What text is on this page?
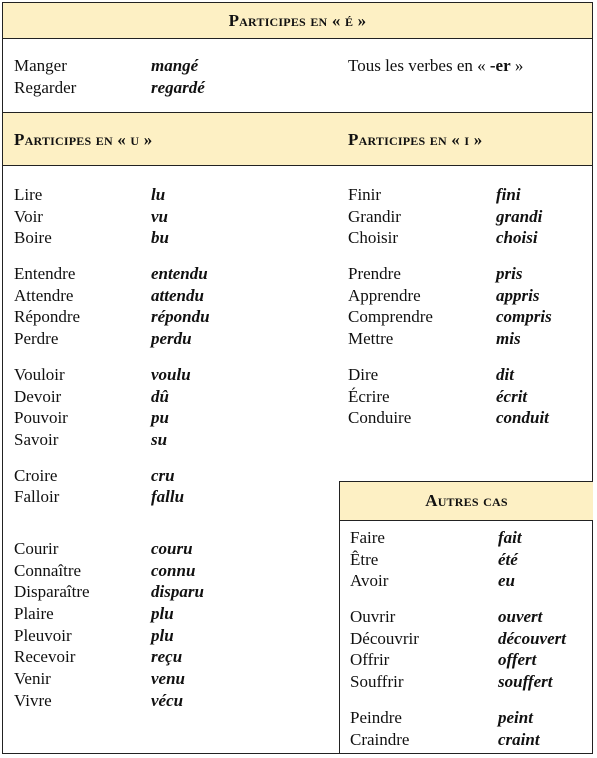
Participes en « é »
Manger	mangé
Regarder	regardé
Tous les verbes en « -er »
Participes en « u »	Participes en « i »
Lire	lu
Voir	vu
Boire	bu
Entendre	entendu
Attendre	attendu
Répondre	répondu
Perdre	perdu
Vouloir	voulu
Devoir	dû
Pouvoir	pu
Savoir	su
Croire	cru
Falloir	fallu
Courir	couru
Connaître	connu
Disparaître	disparu
Plaire	plu
Pleuvoir	plu
Recevoir	reçu
Venir	venu
Vivre	vécu
Finir	fini
Grandir	grandi
Choisir	choisi
Prendre	pris
Apprendre	appris
Comprendre	compris
Mettre	mis
Dire	dit
Écrire	écrit
Conduire	conduit
Autres cas
Faire	fait
Être	été
Avoir	eu
Ouvrir	ouvert
Découvrir	découvert
Offrir	offert
Souffrir	souffert
Peindre	peint
Craindre	craint
